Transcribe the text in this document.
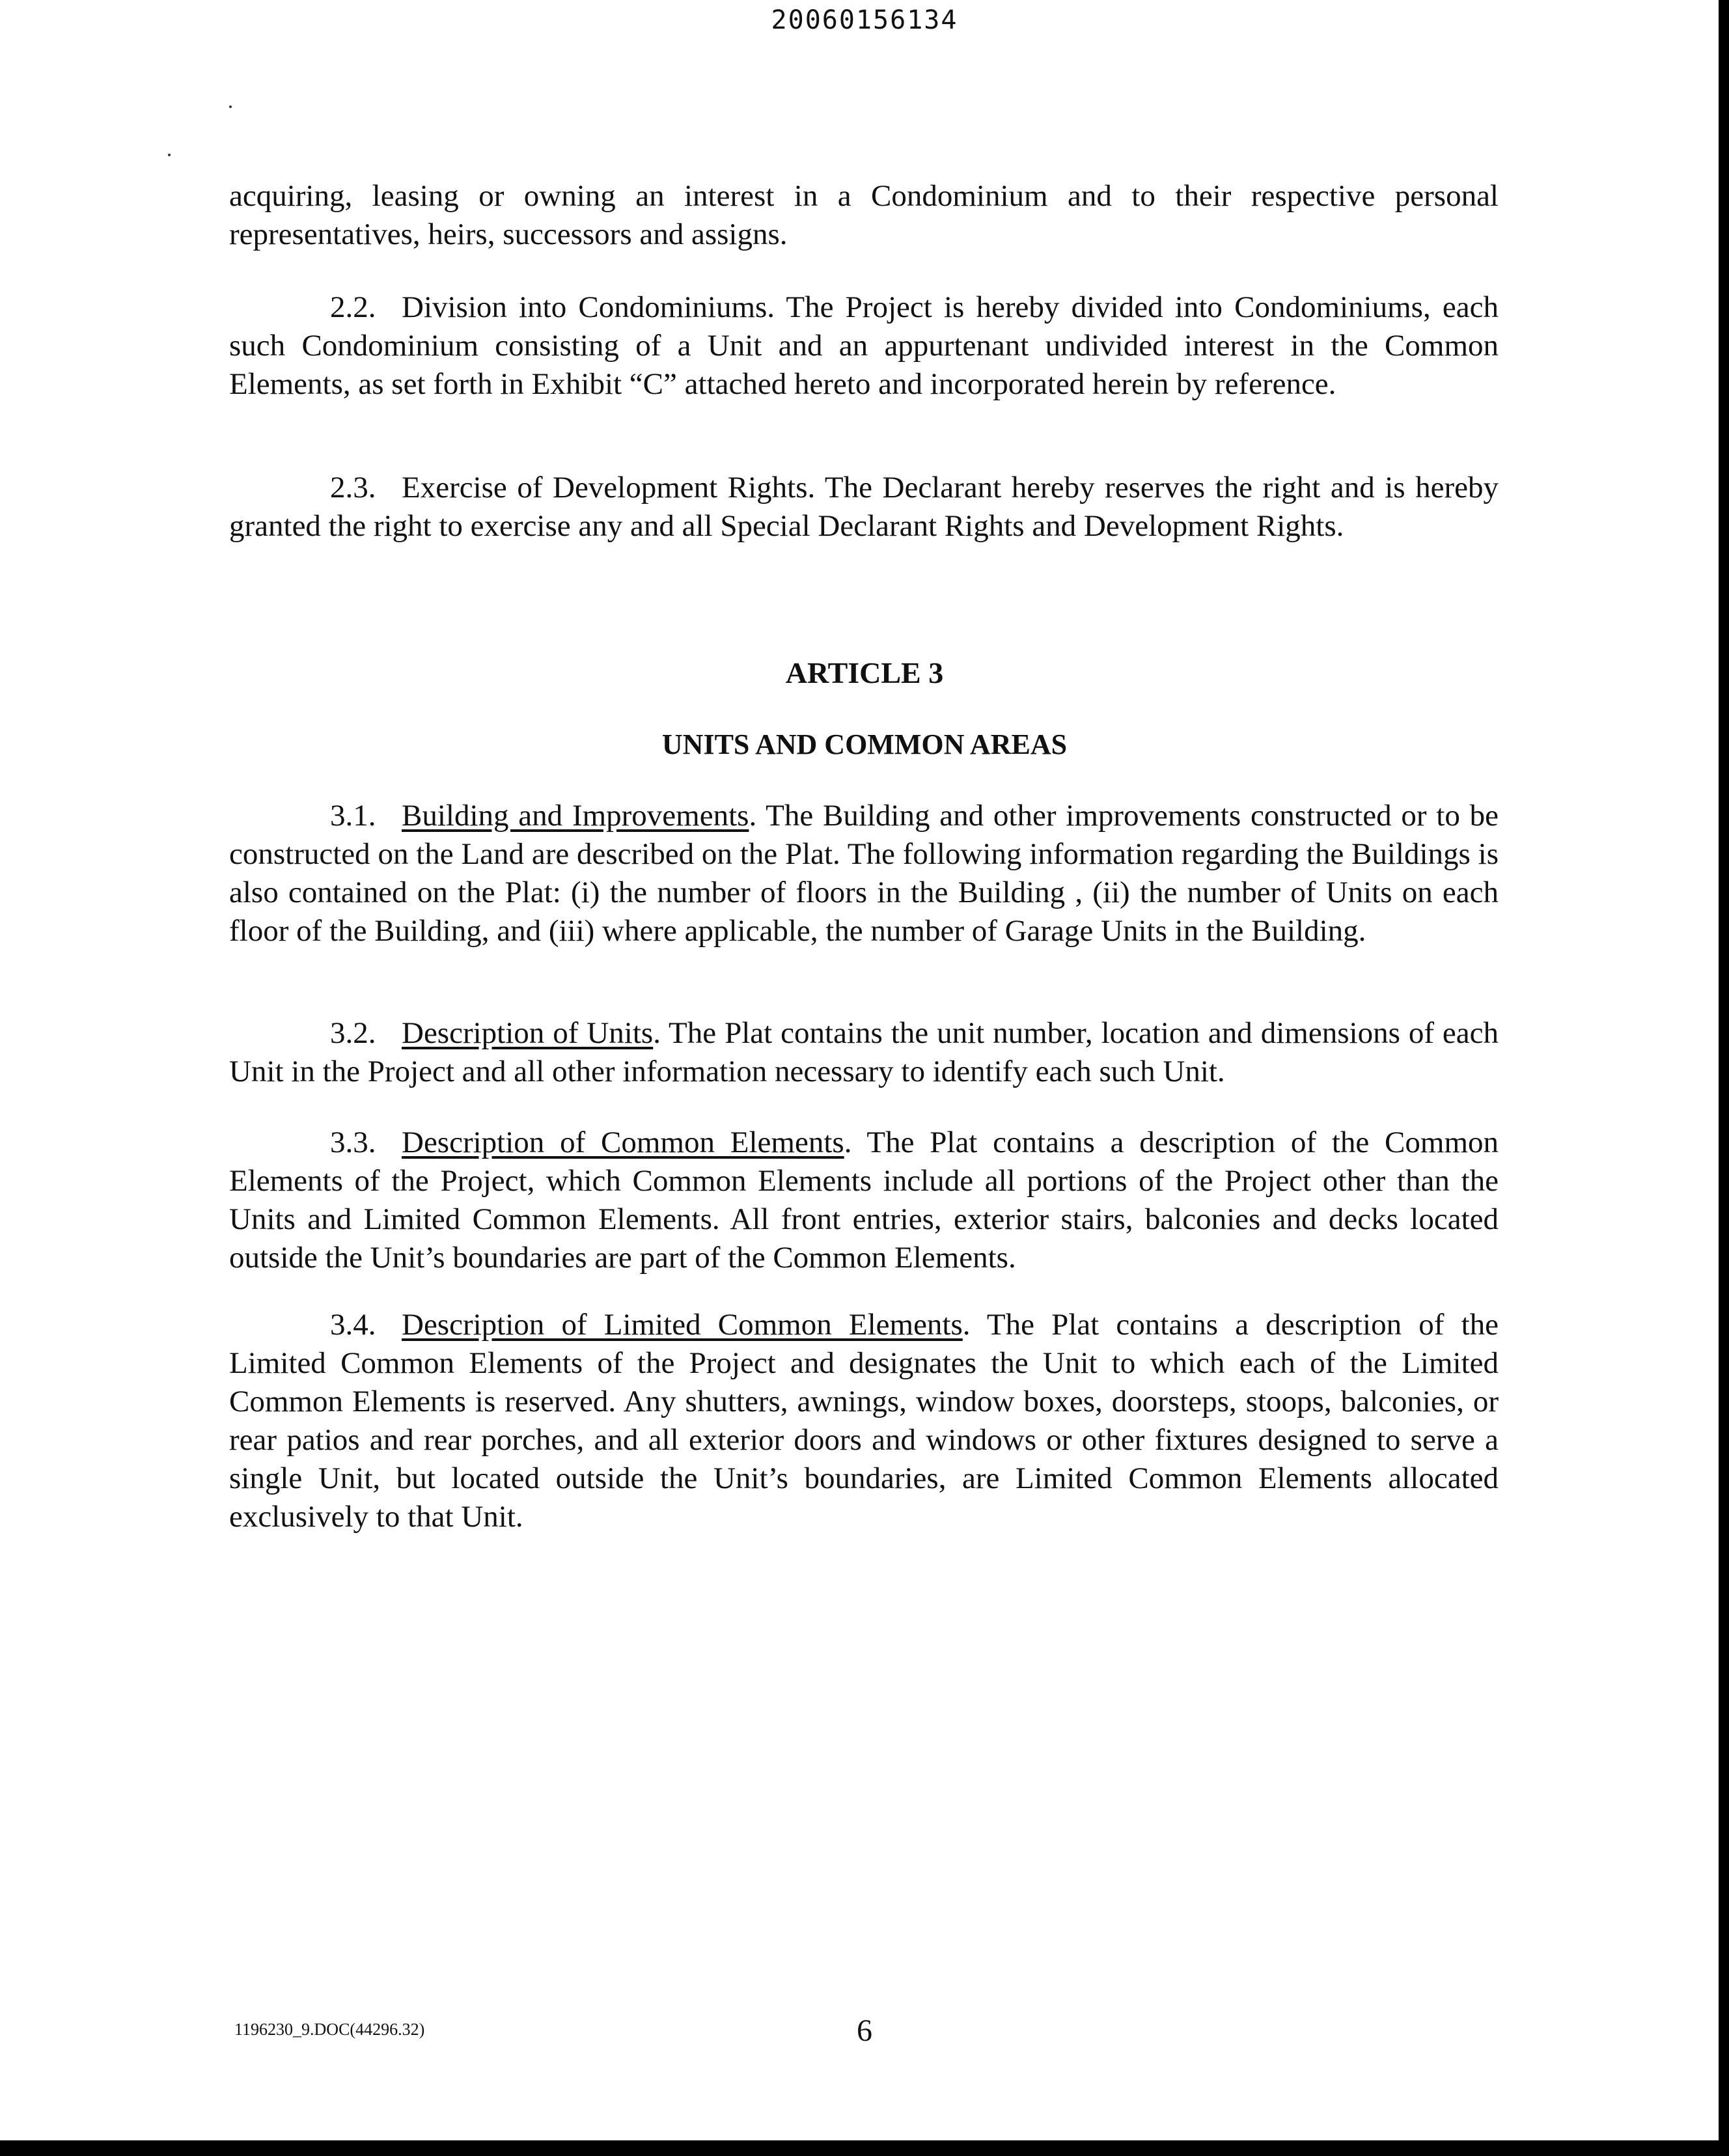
20060156134
acquiring, leasing or owning an interest in a Condominium and to their respective personal representatives, heirs, successors and assigns.
2.2. Division into Condominiums. The Project is hereby divided into Condominiums, each such Condominium consisting of a Unit and an appurtenant undivided interest in the Common Elements, as set forth in Exhibit “C” attached hereto and incorporated herein by reference.
2.3. Exercise of Development Rights. The Declarant hereby reserves the right and is hereby granted the right to exercise any and all Special Declarant Rights and Development Rights.
ARTICLE 3
UNITS AND COMMON AREAS
3.1. Building and Improvements. The Building and other improvements constructed or to be constructed on the Land are described on the Plat. The following information regarding the Buildings is also contained on the Plat: (i) the number of floors in the Building , (ii) the number of Units on each floor of the Building, and (iii) where applicable, the number of Garage Units in the Building.
3.2. Description of Units. The Plat contains the unit number, location and dimensions of each Unit in the Project and all other information necessary to identify each such Unit.
3.3. Description of Common Elements. The Plat contains a description of the Common Elements of the Project, which Common Elements include all portions of the Project other than the Units and Limited Common Elements. All front entries, exterior stairs, balconies and decks located outside the Unit’s boundaries are part of the Common Elements.
3.4. Description of Limited Common Elements. The Plat contains a description of the Limited Common Elements of the Project and designates the Unit to which each of the Limited Common Elements is reserved. Any shutters, awnings, window boxes, doorsteps, stoops, balconies, or rear patios and rear porches, and all exterior doors and windows or other fixtures designed to serve a single Unit, but located outside the Unit’s boundaries, are Limited Common Elements allocated exclusively to that Unit.
1196230_9.DOC(44296.32)	6
